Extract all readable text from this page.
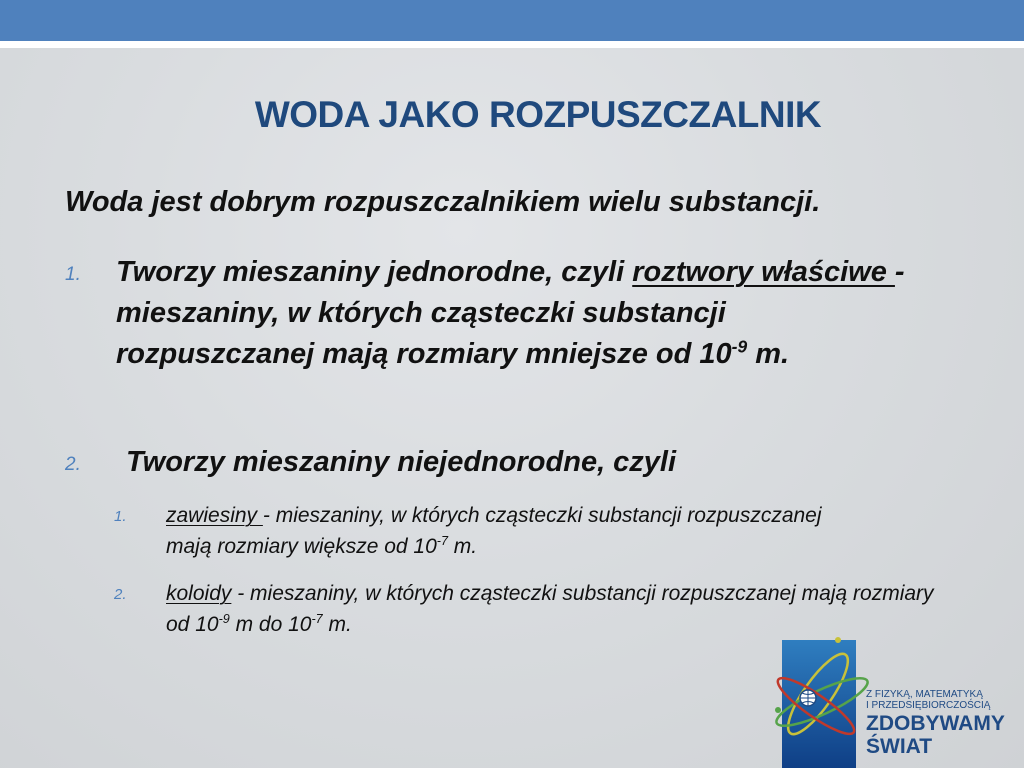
WODA JAKO ROZPUSZCZALNIK
Woda jest dobrym rozpuszczalnikiem wielu substancji.
1. Tworzy mieszaniny jednorodne, czyli roztwory właściwe - mieszaniny, w których cząsteczki substancji rozpuszczanej mają rozmiary mniejsze od $10^{-9}$ m.
2. Tworzy mieszaniny niejednorodne, czyli
1. zawiesiny - mieszaniny, w których cząsteczki substancji rozpuszczanej mają rozmiary większe od $10^{-7}$ m.
2. koloidy - mieszaniny, w których cząsteczki substancji rozpuszczanej mają rozmiary od $10^{-9}$ m do $10^{-7}$ m.
Z FIZYKĄ, MATEMATYKĄ
I PRZEDSIĘBIORCZOŚCIĄ
ZDOBYWAMY
ŚWIAT
